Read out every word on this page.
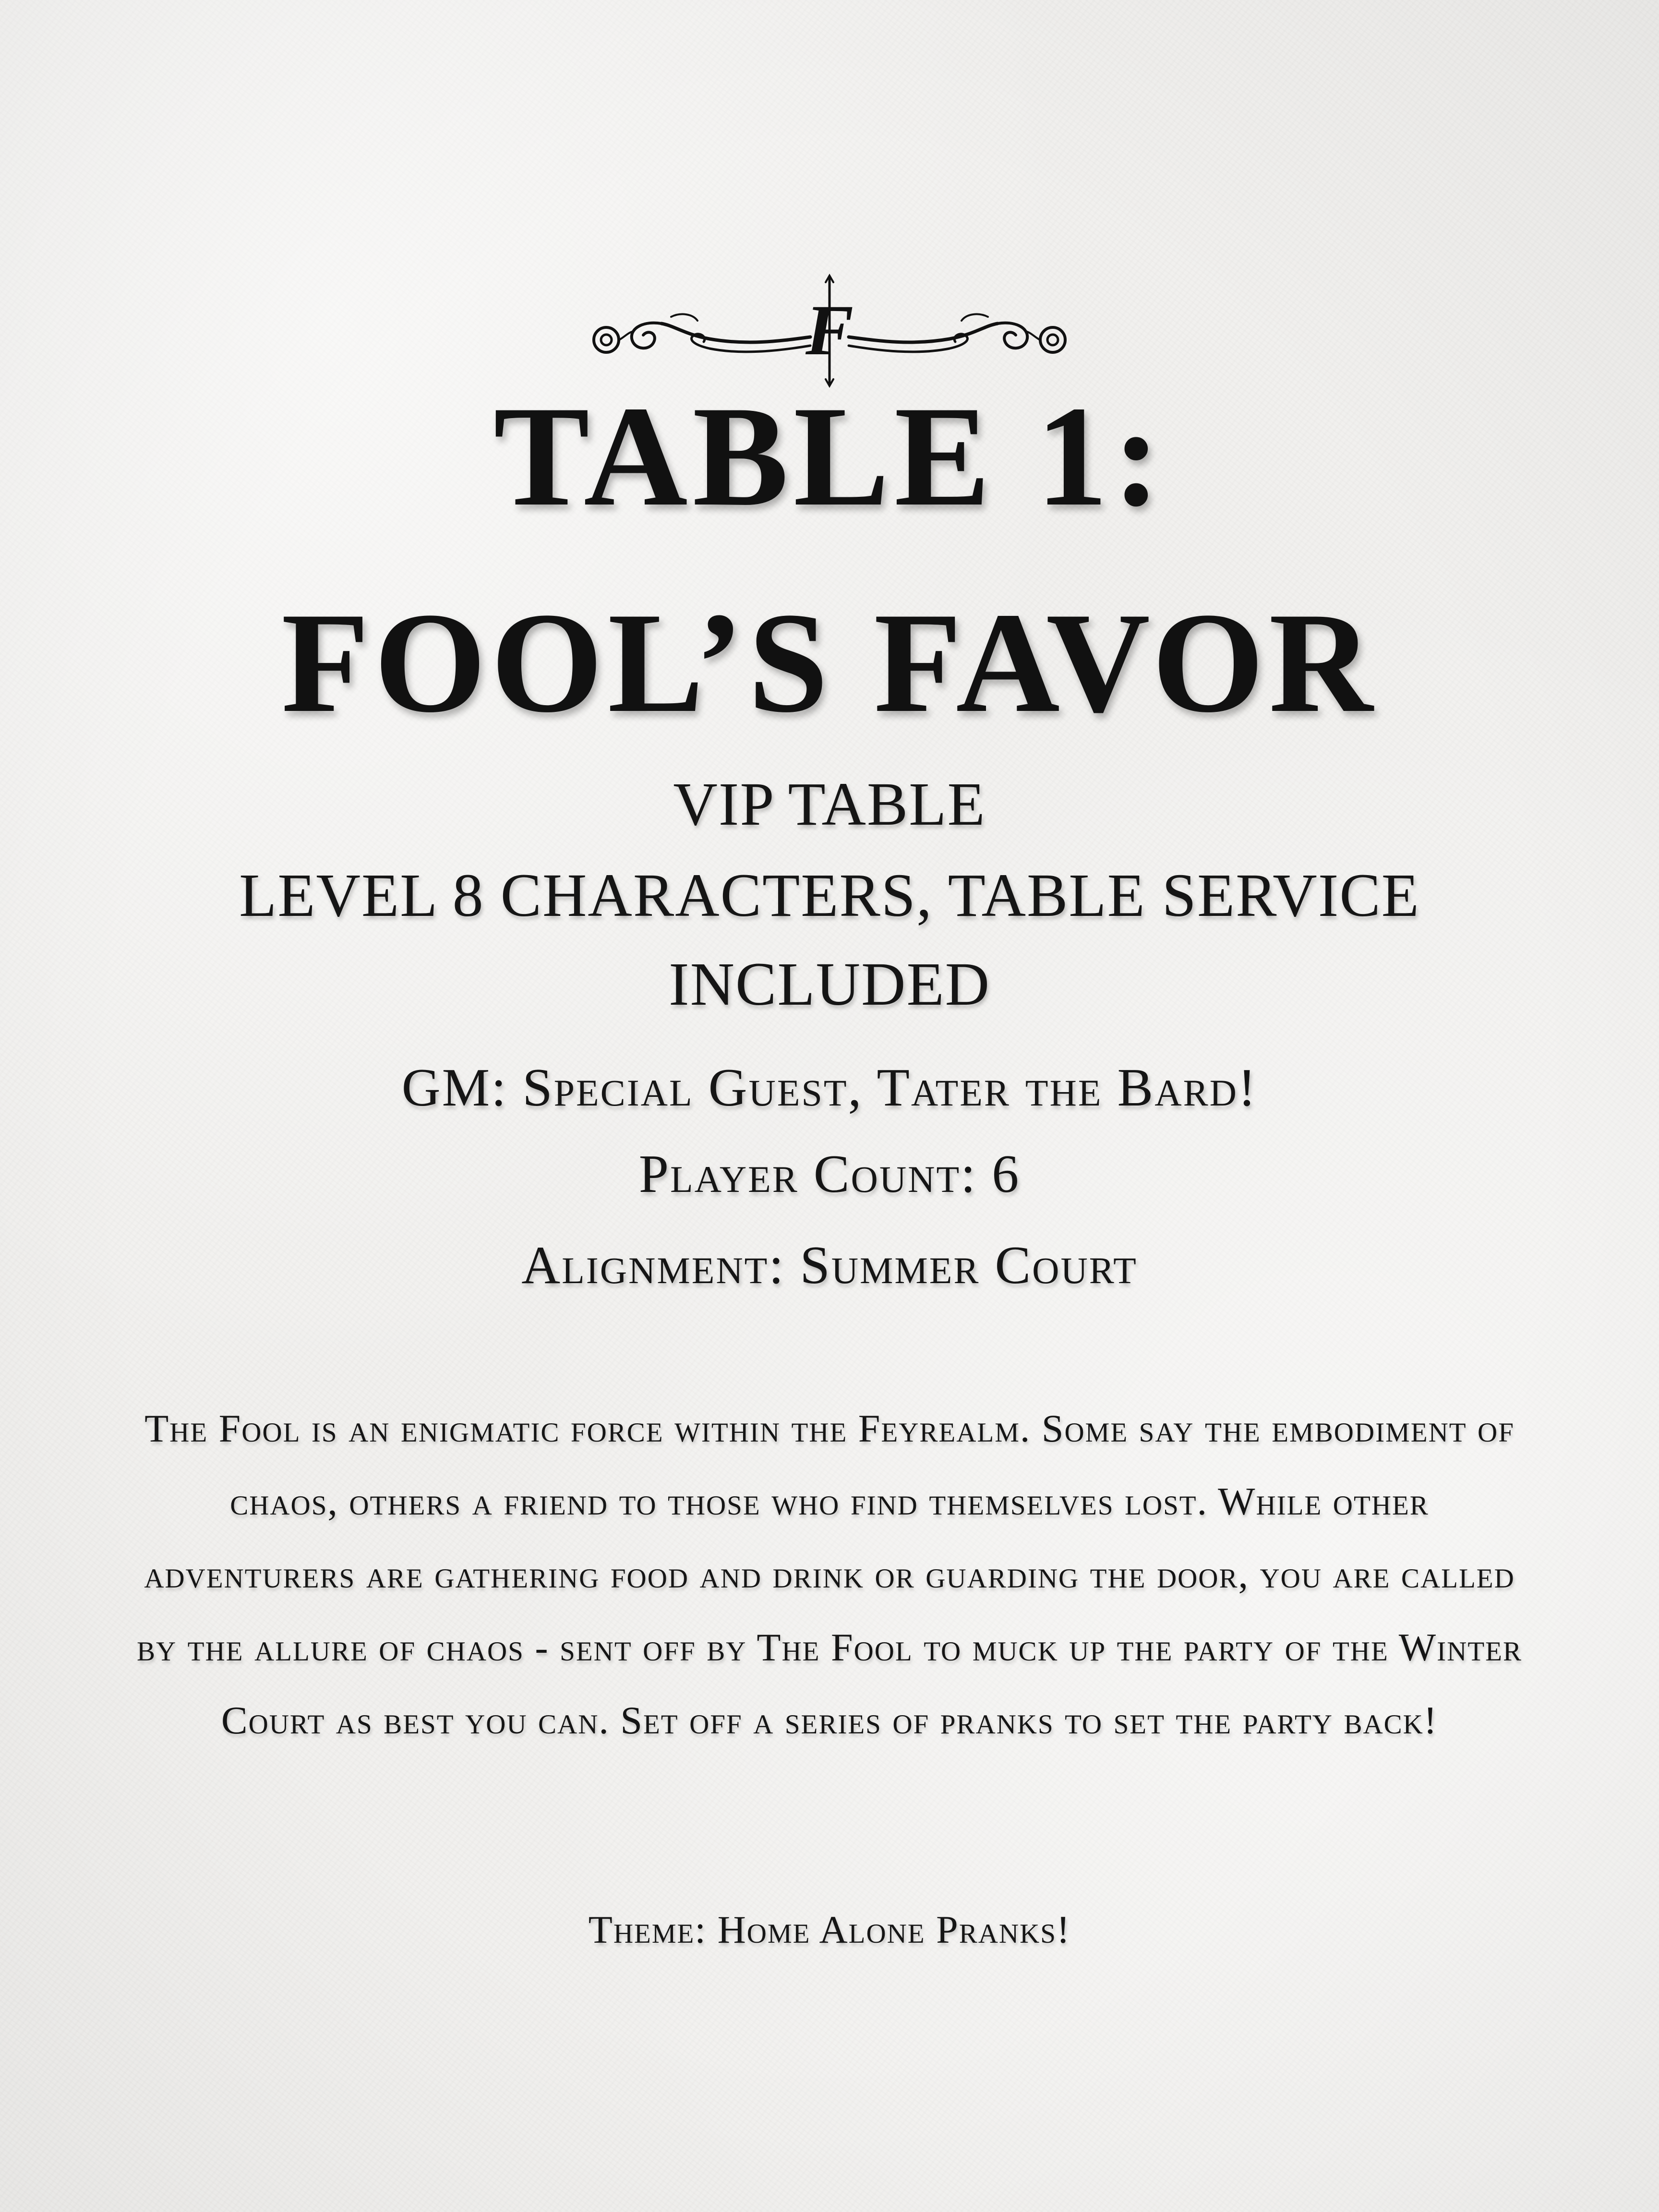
F
TABLE 1:
FOOL’S FAVOR
VIP TABLE
LEVEL 8 CHARACTERS, TABLE SERVICE
INCLUDED
GM: Special Guest, Tater the Bard!
Player Count: 6
Alignment: Summer Court
The Fool is an enigmatic force within the Feyrealm. Some say the embodiment of chaos, others a friend to those who find themselves lost. While other adventurers are gathering food and drink or guarding the door, you are called by the allure of chaos - sent off by The Fool to muck up the party of the Winter Court as best you can. Set off a series of pranks to set the party back!
Theme: Home Alone Pranks!
